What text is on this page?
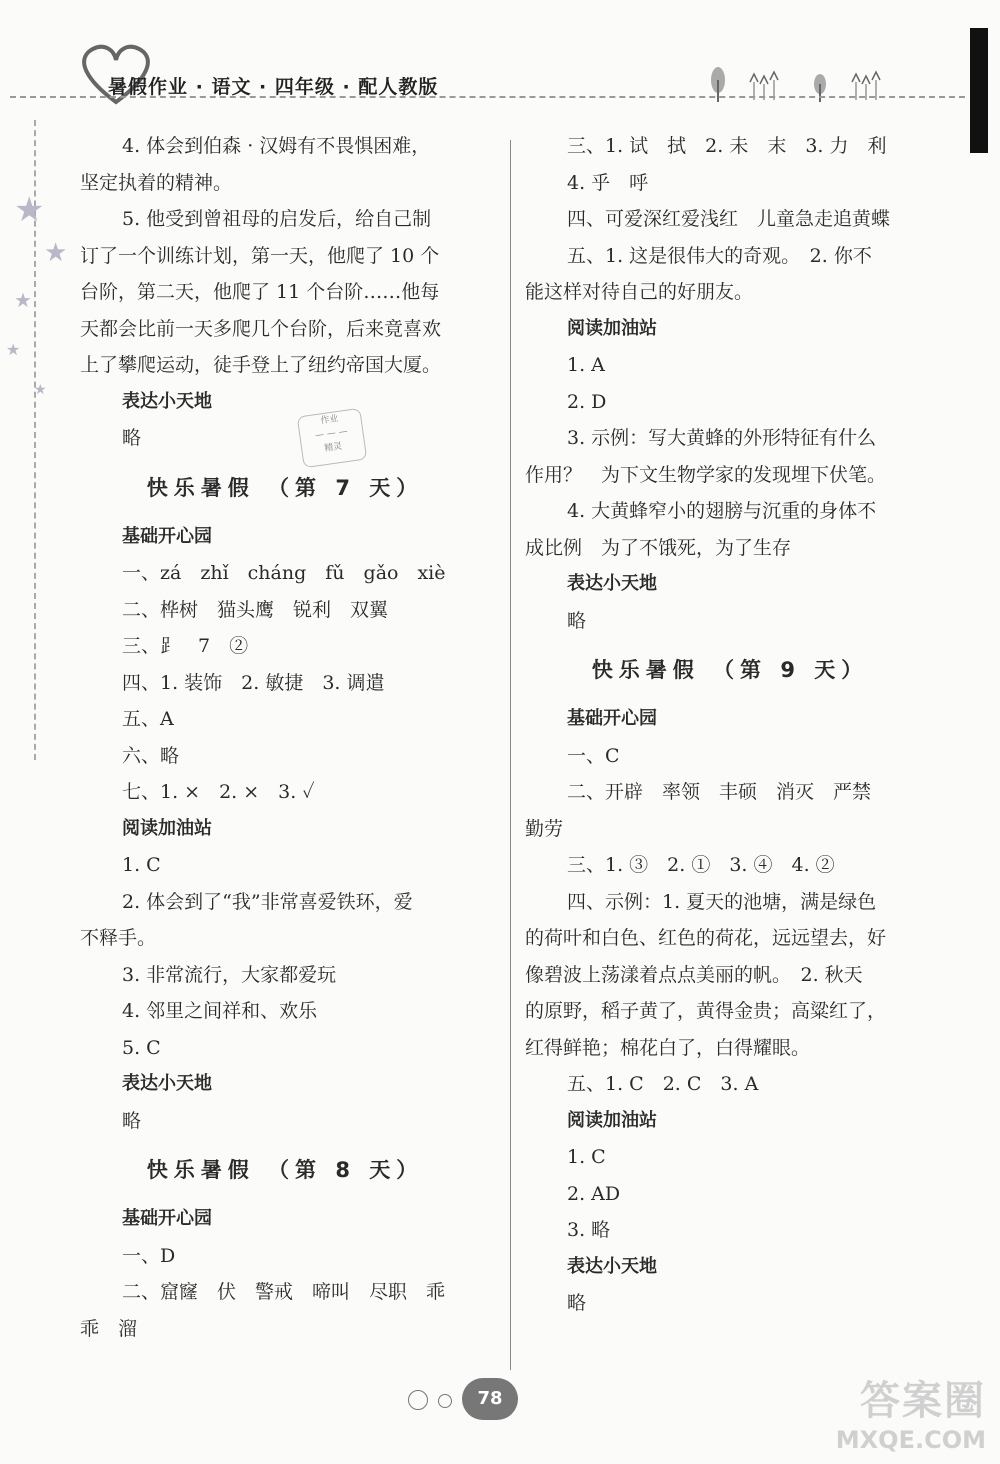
暑假作业 · 语文 · 四年级 · 配人教版
★
★
★
★
★
作业
— — —
精灵
4. 体会到伯森 · 汉姆有不畏惧困难，
坚定执着的精神。
5. 他受到曾祖母的启发后，给自己制
订了一个训练计划，第一天，他爬了 10 个
台阶，第二天，他爬了 11 个台阶……他每
天都会比前一天多爬几个台阶，后来竟喜欢
上了攀爬运动，徒手登上了纽约帝国大厦。
表达小天地
略
快乐暑假 （第 7 天）
基础开心园
一、zá　zhǐ　cháng　fǔ　gǎo　xiè
二、桦树　猫头鹰　锐利　双翼
三、⻊　7　②
四、1. 装饰　2. 敏捷　3. 调遣
五、A
六、略
七、1. ×　2. ×　3. ✓
阅读加油站
1. C
2. 体会到了“我”非常喜爱铁环，爱
不释手。
3. 非常流行，大家都爱玩
4. 邻里之间祥和、欢乐
5. C
表达小天地
略
快乐暑假 （第 8 天）
基础开心园
一、D
二、窟窿　伏　警戒　啼叫　尽职　乖
乖　溜
三、1. 试　拭　2. 未　末　3. 力　利
4. 乎　呼
四、可爱深红爱浅红　儿童急走追黄蝶
五、1. 这是很伟大的奇观。　2. 你不
能这样对待自己的好朋友。
阅读加油站
1. A
2. D
3. 示例：写大黄蜂的外形特征有什么
作用？　为下文生物学家的发现埋下伏笔。
4. 大黄蜂窄小的翅膀与沉重的身体不
成比例　为了不饿死，为了生存
表达小天地
略
快乐暑假 （第 9 天）
基础开心园
一、C
二、开辟　率领　丰硕　消灭　严禁
勤劳
三、1. ③　2. ①　3. ④　4. ②
四、示例：1. 夏天的池塘，满是绿色
的荷叶和白色、红色的荷花，远远望去，好
像碧波上荡漾着点点美丽的帆。　2. 秋天
的原野，稻子黄了，黄得金贵；高粱红了，
红得鲜艳；棉花白了，白得耀眼。
五、1. C　2. C　3. A
阅读加油站
1. C
2. AD
3. 略
表达小天地
略
78	答案圈
MXQE.COM
